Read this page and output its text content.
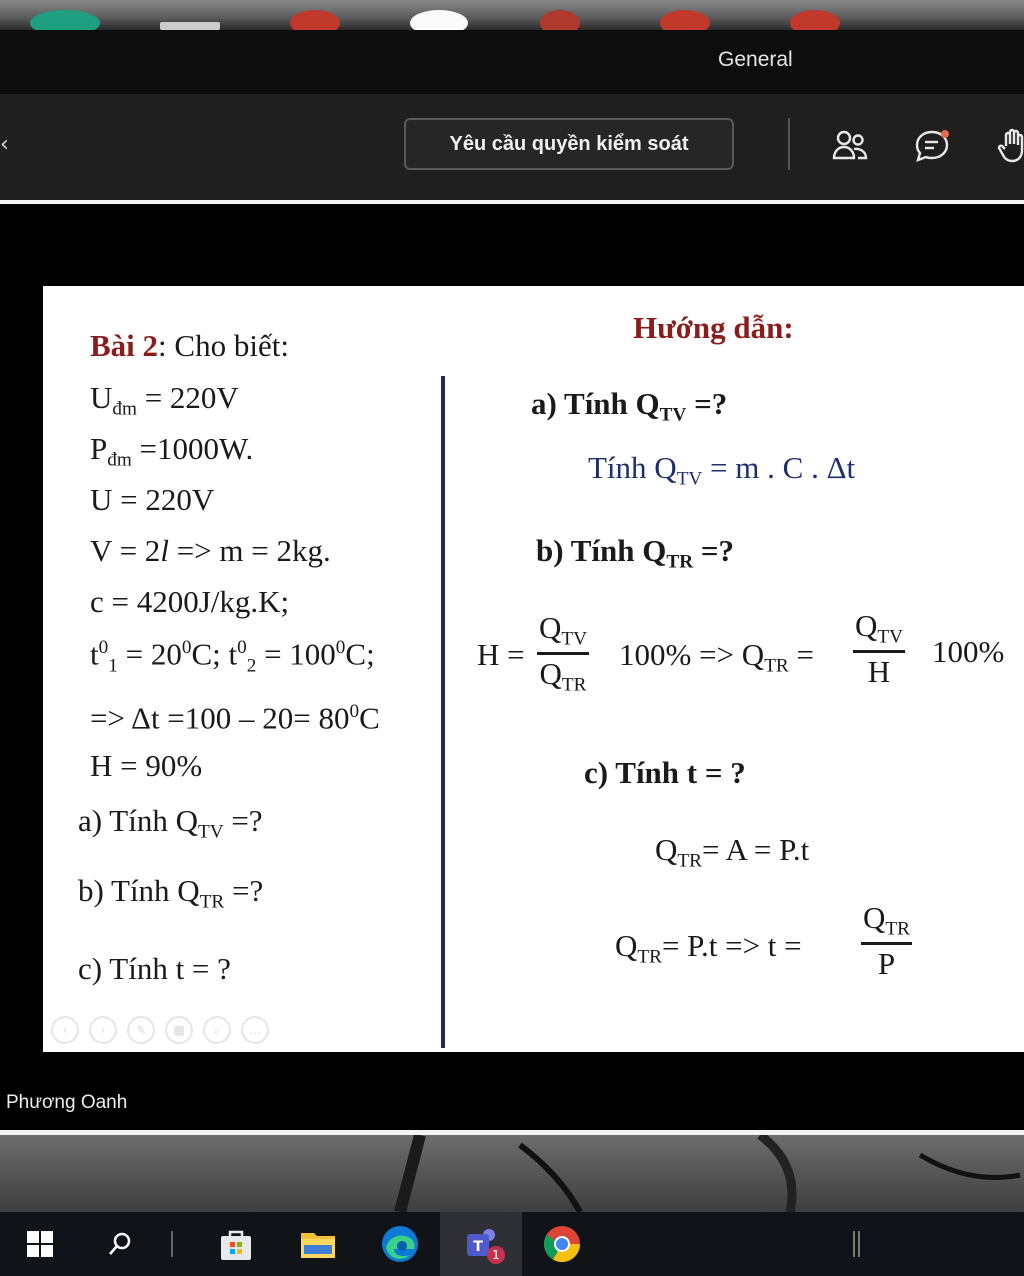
General
‹	Yêu cầu quyền kiểm soát
Bài 2: Cho biết:
$U_{đm} = 220V$
$P_{đm} =1000W$.
U = 220V
V = 2l => m = 2kg.
c = 4200J/kg.K;
$t^0_1 = 20^0C$; $t^0_2 = 100^0C$;
=> $\Delta t =100 - 20= 80^0C$
H = 90%
a) Tính $Q_{TV}$ =?
b) Tính $Q_{TR}$ =?
c) Tính t = ?
Hướng dẫn:
a) Tính $Q_{TV}$ =?
Tính $Q_{TV} = m$ . C . Δt
b) Tính $Q_{TR}$ =?
H =
$Q_{TV}$
$Q_{TR}$
$100\% => Q_{TR}$ =
$Q_{TV}$
H
100%
c) Tính t = ?
$Q_{TR}= A = P.t$
$Q_{TR}= P.t => t$ =
$Q_{TR}$
P
‹	›	✎	▦	⌕	…
Phương Oanh
T 1
